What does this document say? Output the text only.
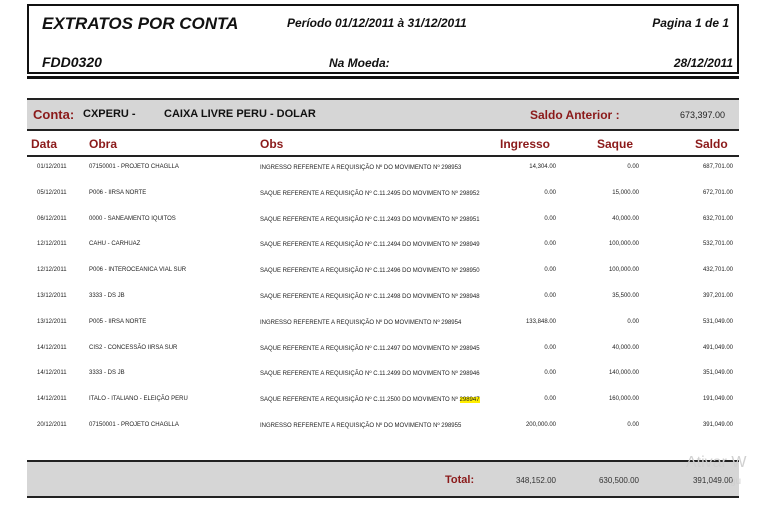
EXTRATOS POR CONTA	Período 01/12/2011 à 31/12/2011	Pagina 1 de 1
FDD0320	Na Moeda:	28/12/2011
Conta: CXPERU -	CAIXA LIVRE PERU - DOLAR	Saldo Anterior :	673,397.00
Data	Obra	Obs	Ingresso	Saque	Saldo
01/12/2011	07150001 - PROJETO CHAGLLA	INGRESSO REFERENTE A REQUISIÇÃO Nº DO MOVIMENTO Nº 298953	14,304.00	0.00	687,701.00
05/12/2011	P006 - IIRSA NORTE	SAQUE REFERENTE A REQUISIÇÃO Nº C.11.2495 DO MOVIMENTO Nº 298952	0.00	15,000.00	672,701.00
06/12/2011	0000 - SANEAMENTO IQUITOS	SAQUE REFERENTE A REQUISIÇÃO Nº C.11.2493 DO MOVIMENTO Nº 298951	0.00	40,000.00	632,701.00
12/12/2011	CAHU - CARHUAZ	SAQUE REFERENTE A REQUISIÇÃO Nº C.11.2494 DO MOVIMENTO Nº 298949	0.00	100,000.00	532,701.00
12/12/2011	P006 - INTEROCEANICA VIAL SUR	SAQUE REFERENTE A REQUISIÇÃO Nº C.11.2496 DO MOVIMENTO Nº 298950	0.00	100,000.00	432,701.00
13/12/2011	3333 - DS JB	SAQUE REFERENTE A REQUISIÇÃO Nº C.11.2498 DO MOVIMENTO Nº 298948	0.00	35,500.00	397,201.00
13/12/2011	P005 - IIRSA NORTE	INGRESSO REFERENTE A REQUISIÇÃO Nº DO MOVIMENTO Nº 298954	133,848.00	0.00	531,049.00
14/12/2011	CIS2 - CONCESSÃO IIRSA SUR	SAQUE REFERENTE A REQUISIÇÃO Nº C.11.2497 DO MOVIMENTO Nº 298945	0.00	40,000.00	491,049.00
14/12/2011	3333 - DS JB	SAQUE REFERENTE A REQUISIÇÃO Nº C.11.2499 DO MOVIMENTO Nº 298946	0.00	140,000.00	351,049.00
14/12/2011	ITALO - ITALIANO - ELEIÇÃO PERU	SAQUE REFERENTE A REQUISIÇÃO Nº C.11.2500 DO MOVIMENTO Nº 298947	0.00	160,000.00	191,049.00
20/12/2011	07150001 - PROJETO CHAGLLA	INGRESSO REFERENTE A REQUISIÇÃO Nº DO MOVIMENTO Nº 298955	200,000.00	0.00	391,049.00
Total:	348,152.00	630,500.00	391,049.00
Ativar W
gu
